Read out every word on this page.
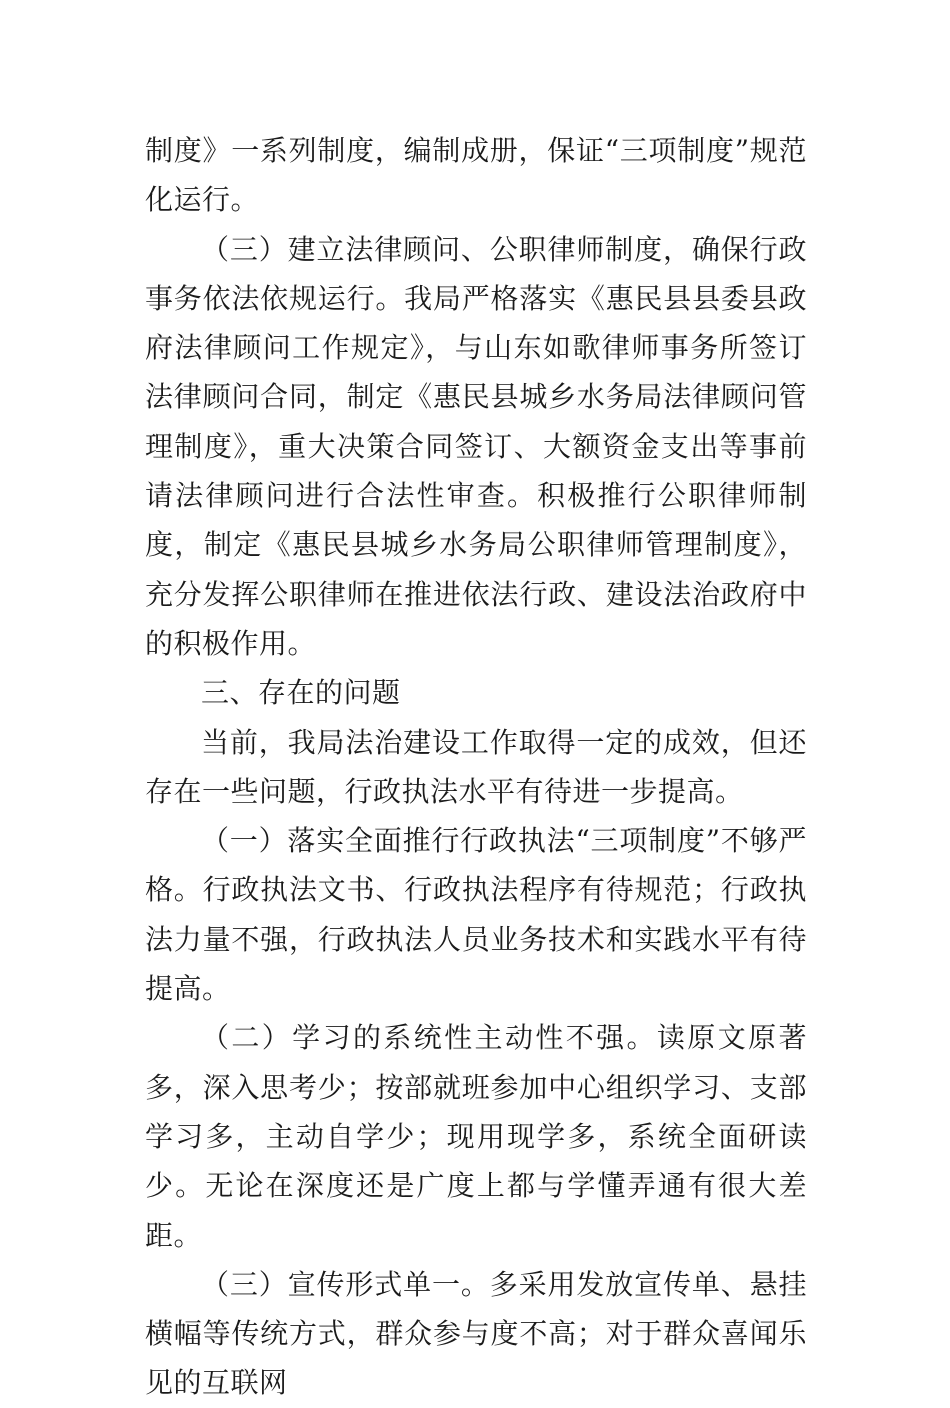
制度》一系列制度，编制成册，保证“三项制度”规范化运行。

（三）建立法律顾问、公职律师制度，确保行政事务依法依规运行。我局严格落实《惠民县县委县政府法律顾问工作规定》，与山东如歌律师事务所签订法律顾问合同，制定《惠民县城乡水务局法律顾问管理制度》，重大决策合同签订、大额资金支出等事前请法律顾问进行合法性审查。积极推行公职律师制度，制定《惠民县城乡水务局公职律师管理制度》，充分发挥公职律师在推进依法行政、建设法治政府中的积极作用。

三、存在的问题

当前，我局法治建设工作取得一定的成效，但还存在一些问题，行政执法水平有待进一步提高。

（一）落实全面推行行政执法“三项制度”不够严格。行政执法文书、行政执法程序有待规范；行政执法力量不强，行政执法人员业务技术和实践水平有待提高。

（二）学习的系统性主动性不强。读原文原著多，深入思考少；按部就班参加中心组织学习、支部学习多，主动自学少；现用现学多，系统全面研读少。无论在深度还是广度上都与学懂弄通有很大差距。

（三）宣传形式单一。多采用发放宣传单、悬挂横幅等传统方式，群众参与度不高；对于群众喜闻乐见的互联网
